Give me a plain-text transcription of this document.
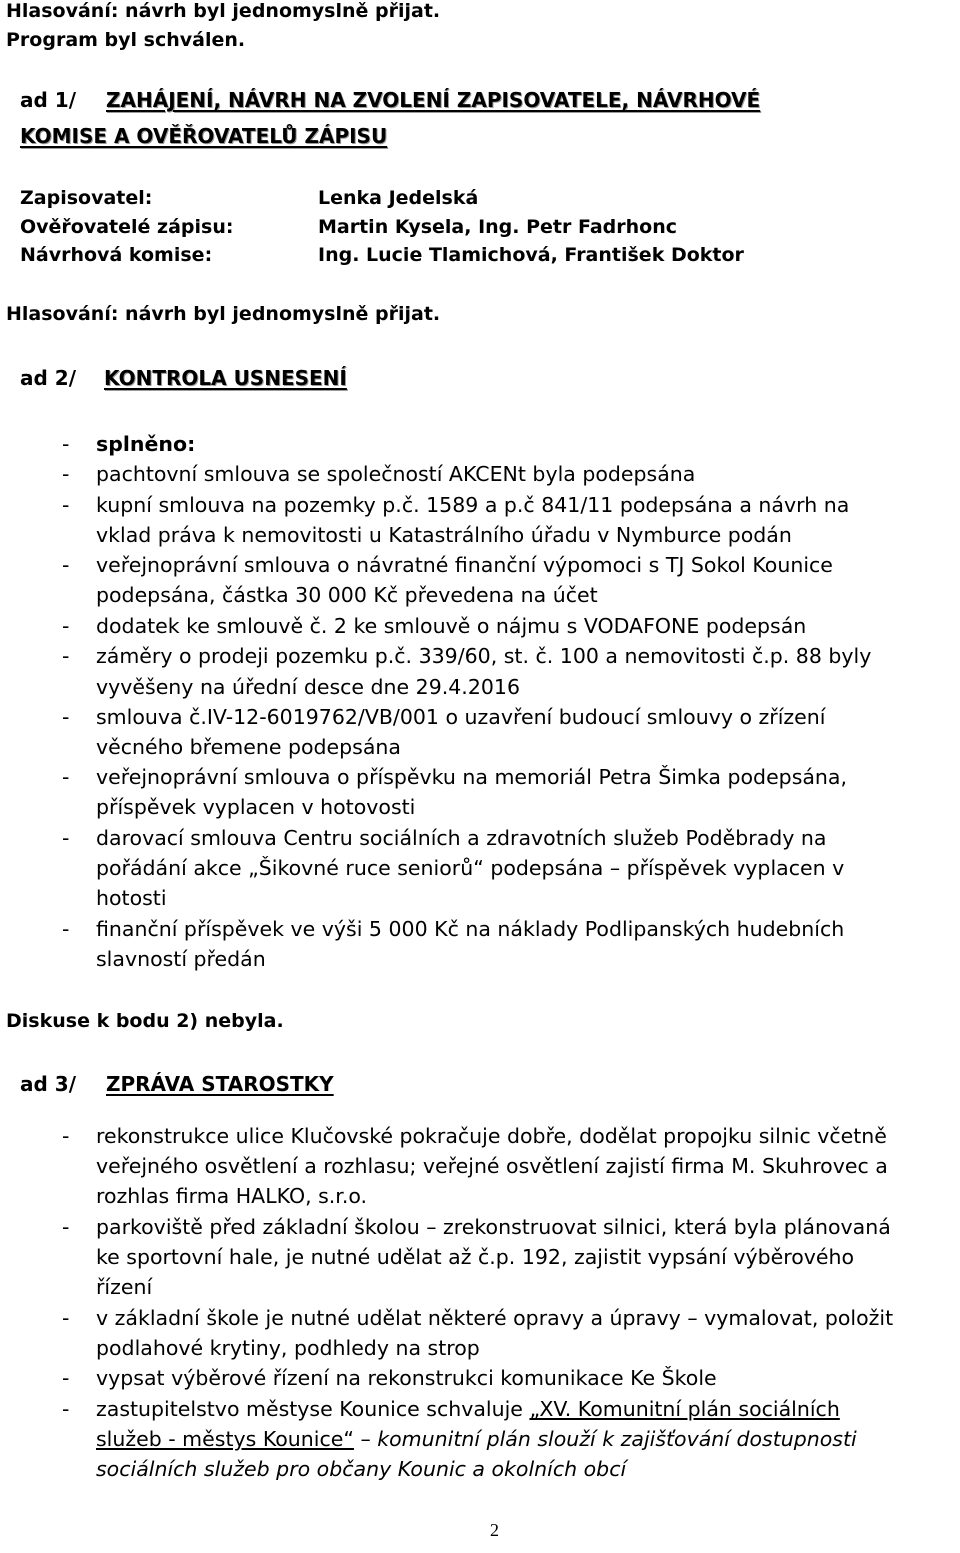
Hlasování: návrh byl jednomyslně přijat.
Program byl schválen.
ad 1/ ZAHÁJENÍ, NÁVRH NA ZVOLENÍ ZAPISOVATELE, NÁVRHOVÉ
KOMISE A OVĚŘOVATELŮ ZÁPISU
Zapisovatel:	Lenka Jedelská
Ověřovatelé zápisu:	Martin Kysela, Ing. Petr Fadrhonc
Návrhová komise:	Ing. Lucie Tlamichová, František Doktor
Hlasování: návrh byl jednomyslně přijat.
ad 2/ KONTROLA USNESENÍ
- splněno:
- pachtovní smlouva se společností AKCENt byla podepsána
- kupní smlouva na pozemky p.č. 1589 a p.č 841/11 podepsána a návrh na
vklad práva k nemovitosti u Katastrálního úřadu v Nymburce podán
- veřejnoprávní smlouva o návratné finanční výpomoci s TJ Sokol Kounice
podepsána, částka 30 000 Kč převedena na účet
- dodatek ke smlouvě č. 2 ke smlouvě o nájmu s VODAFONE podepsán
- záměry o prodeji pozemku p.č. 339/60, st. č. 100 a nemovitosti č.p. 88 byly
vyvěšeny na úřední desce dne 29.4.2016
- smlouva č.IV-12-6019762/VB/001 o uzavření budoucí smlouvy o zřízení
věcného břemene podepsána
- veřejnoprávní smlouva o příspěvku na memoriál Petra Šimka podepsána,
příspěvek vyplacen v hotovosti
- darovací smlouva Centru sociálních a zdravotních služeb Poděbrady na
pořádání akce „Šikovné ruce seniorů“ podepsána – příspěvek vyplacen v
hotosti
- finanční příspěvek ve výši 5 000 Kč na náklady Podlipanských hudebních
slavností předán
Diskuse k bodu 2) nebyla.
ad 3/ ZPRÁVA STAROSTKY
- rekonstrukce ulice Klučovské pokračuje dobře, dodělat propojku silnic včetně
veřejného osvětlení a rozhlasu; veřejné osvětlení zajistí firma M. Skuhrovec a
rozhlas firma HALKO, s.r.o.
- parkoviště před základní školou – zrekonstruovat silnici, která byla plánovaná
ke sportovní hale, je nutné udělat až č.p. 192, zajistit vypsání výběrového
řízení
- v základní škole je nutné udělat některé opravy a úpravy – vymalovat, položit
podlahové krytiny, podhledy na strop
- vypsat výběrové řízení na rekonstrukci komunikace Ke Škole
- zastupitelstvo městyse Kounice schvaluje „XV. Komunitní plán sociálních
služeb - městys Kounice“ – komunitní plán slouží k zajišťování dostupnosti
sociálních služeb pro občany Kounic a okolních obcí
2
